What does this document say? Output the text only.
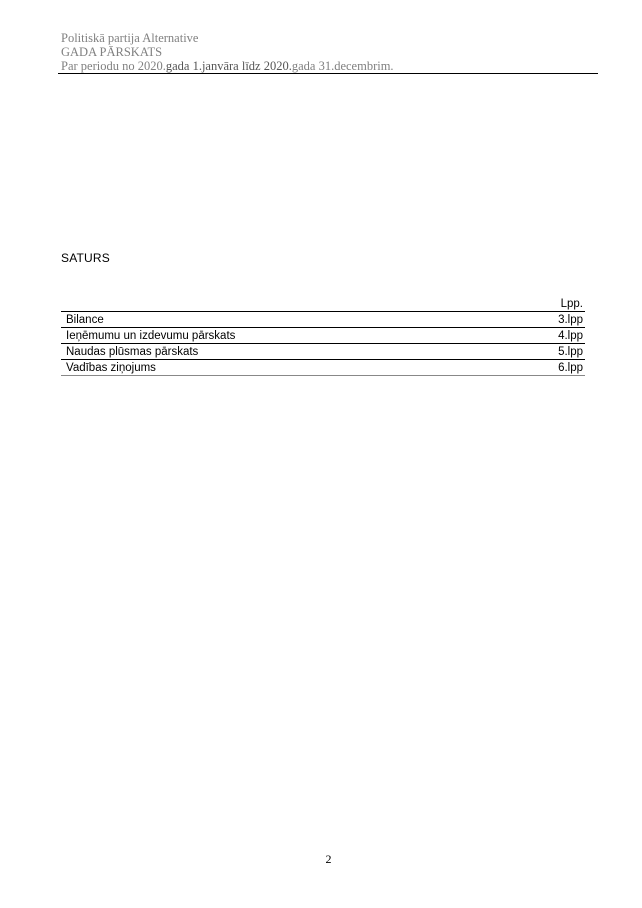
Politiskā partija Alternative
GADA PĀRSKATS
Par periodu no 2020.gada 1.janvāra līdz 2020.gada 31.decembrim.
SATURS
Lpp.
Bilance	3.lpp
Ieņēmumu un izdevumu pārskats	4.lpp
Naudas plūsmas pārskats	5.lpp
Vadības ziņojums	6.lpp
2
